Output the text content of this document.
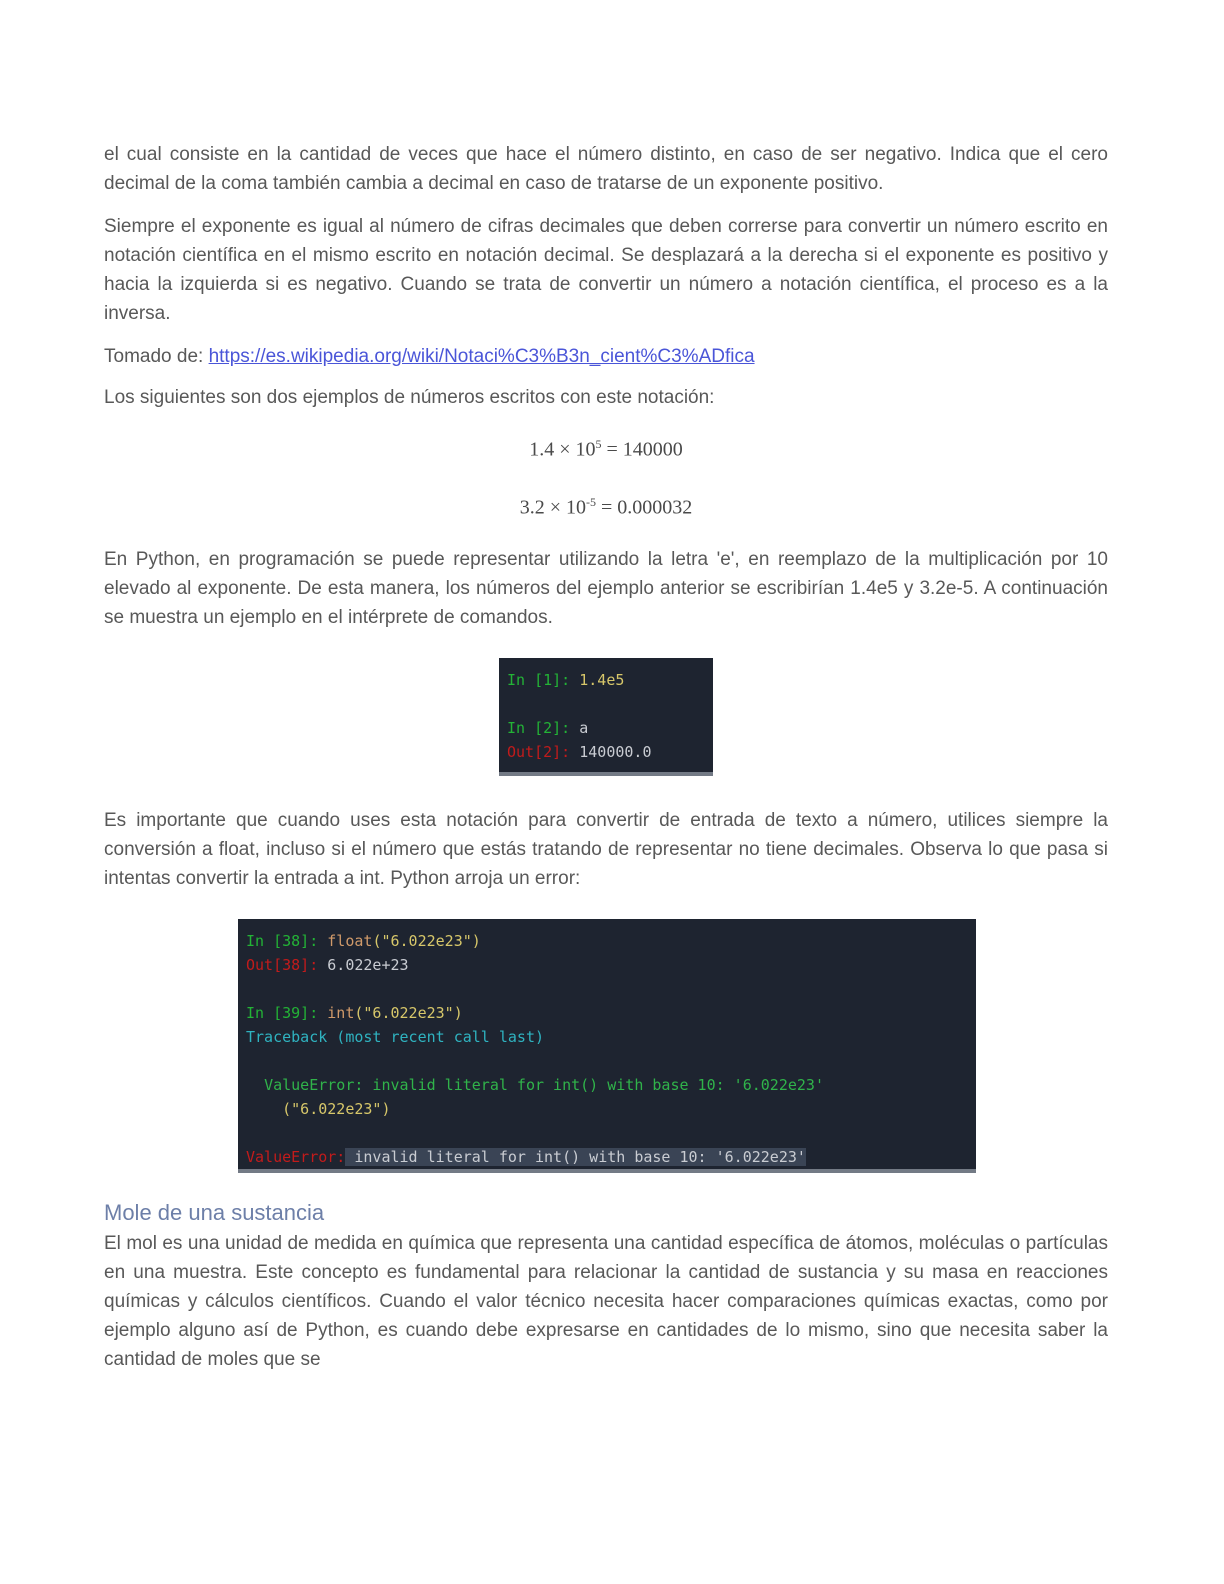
el cual consiste en la cantidad de veces que hace el número distinto, en caso de ser negativo. Indica que el cero decimal de la coma también cambia a decimal en caso de tratarse de un exponente positivo.

Siempre el exponente es igual al número de cifras decimales que deben correrse para convertir un número escrito en notación científica en el mismo escrito en notación decimal. Se desplazará a la derecha si el exponente es positivo y hacia la izquierda si es negativo. Cuando se trata de convertir un número a notación científica, el proceso es a la inversa.

Tomado de: https://es.wikipedia.org/wiki/Notaci%C3%B3n_cient%C3%ADfica

Los siguientes son dos ejemplos de números escritos con este notación:

$1.4 \times 10^5 = 140000$
$3.2 \times 10^{-5} = 0.000032$

En Python, en programación se puede representar utilizando la letra 'e', en reemplazo de la multiplicación por 10 elevado al exponente. De esta manera, los números del ejemplo anterior se escribirían 1.4e5 y 3.2e-5. A continuación se muestra un ejemplo en el intérprete de comandos.

In [1]: 1.4e5

In [2]: a
Out[2]: 140000.0

Es importante que cuando uses esta notación para convertir de entrada de texto a número, utilices siempre la conversión a float, incluso si el número que estás tratando de representar no tiene decimales. Observa lo que pasa si intentas convertir la entrada a int. Python arroja un error:

In [38]: float("6.022e23")
Out[38]: 6.022e+23

In [39]: int("6.022e23")
Traceback (most recent call last)

ValueError: invalid literal for int() with base 10: '6.022e23'
("6.022e23")

ValueError: invalid literal for int() with base 10: '6.022e23'
Mole de una sustancia

El mol es una unidad de medida en química que representa una cantidad específica de átomos, moléculas o partículas en una muestra. Este concepto es fundamental para relacionar la cantidad de sustancia y su masa en reacciones químicas y cálculos científicos. Cuando el valor técnico necesita hacer comparaciones químicas exactas, como por ejemplo alguno así de Python, es cuando debe expresarse en cantidades de lo mismo, sino que necesita saber la cantidad de moles que se
